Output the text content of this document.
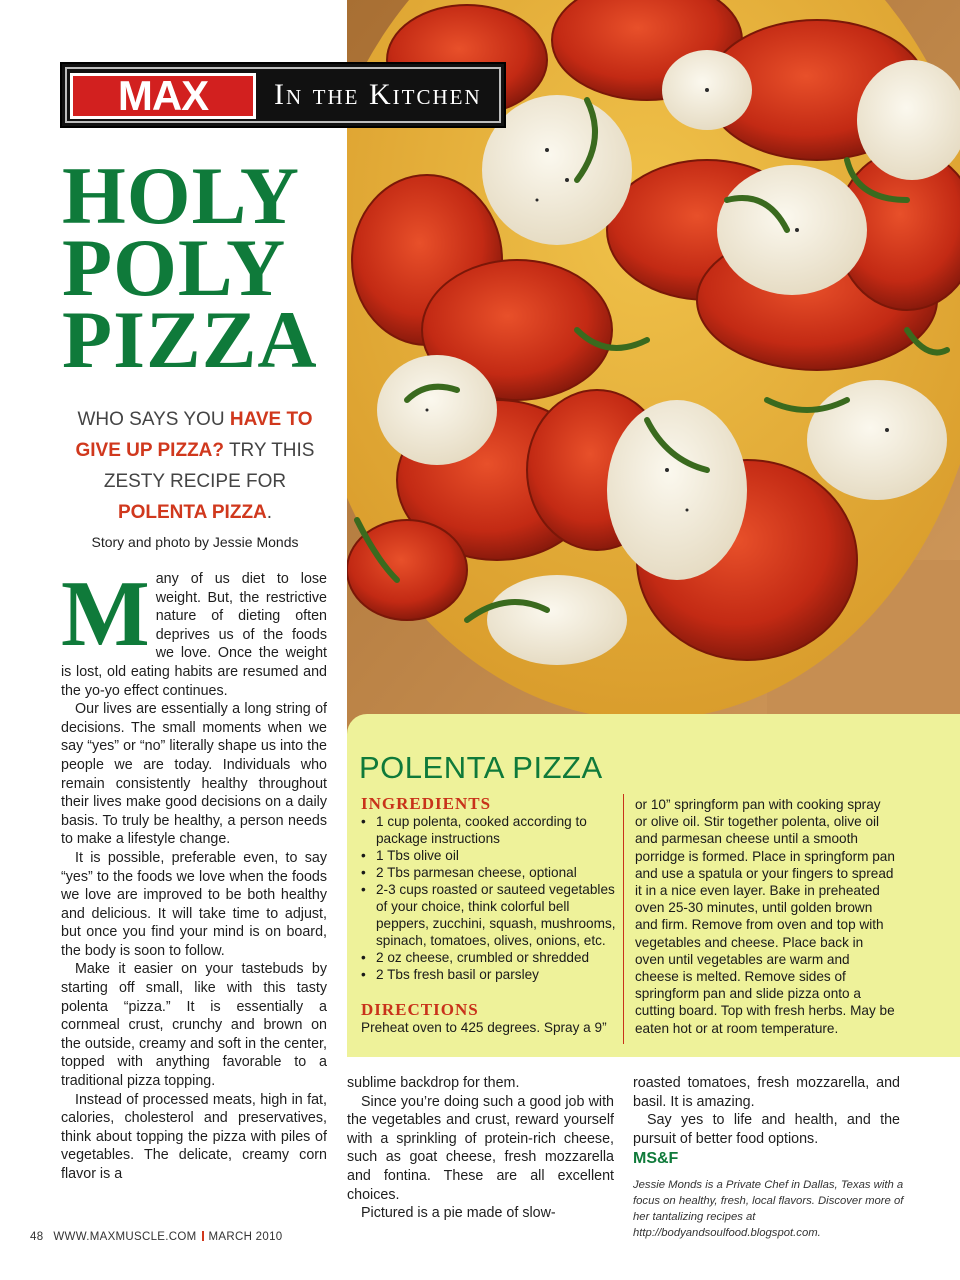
MAX	In the Kitchen
HOLY
POLY
PIZZA
WHO SAYS YOU HAVE TO GIVE UP PIZZA? TRY THIS ZESTY RECIPE FOR
POLENTA PIZZA.
Story and photo by Jessie Monds
M any of us diet to lose weight. But, the restrictive nature of dieting often deprives us of the foods we love. Once the weight is lost, old eating habits are resumed and the yo-yo effect continues.

Our lives are essentially a long string of decisions. The small moments when we say “yes” or “no” literally shape us into the people we are today. Individuals who remain consistently healthy throughout their lives make good decisions on a daily basis. To truly be healthy, a person needs to make a lifestyle change.

It is possible, preferable even, to say “yes” to the foods we love when the foods we love are improved to be both healthy and delicious. It will take time to adjust, but once you find your mind is on board, the body is soon to follow.

Make it easier on your tastebuds by starting off small, like with this tasty polenta “pizza.” It is essentially a cornmeal crust, crunchy and brown on the outside, creamy and soft in the center, topped with anything favorable to a traditional pizza topping.

Instead of processed meats, high in fat, calories, cholesterol and preservatives, think about topping the pizza with piles of vegetables. The delicate, creamy corn flavor is a

POLENTA PIZZA
INGREDIENTS
• 1 cup polenta, cooked according to package instructions
• 1 Tbs olive oil
• 2 Tbs parmesan cheese, optional
• 2-3 cups roasted or sauteed vegetables of your choice, think colorful bell peppers, zucchini, squash, mushrooms, spinach, tomatoes, olives, onions, etc.
• 2 oz cheese, crumbled or shredded
• 2 Tbs fresh basil or parsley
DIRECTIONS
Preheat oven to 425 degrees. Spray a 9”
or 10” springform pan with cooking spray or olive oil. Stir together polenta, olive oil and parmesan cheese until a smooth porridge is formed. Place in springform pan and use a spatula or your fingers to spread it in a nice even layer. Bake in preheated oven 25-30 minutes, until golden brown and firm. Remove from oven and top with vegetables and cheese. Place back in oven until vegetables are warm and cheese is melted. Remove sides of springform pan and slide pizza onto a cutting board. Top with fresh herbs. May be eaten hot or at room temperature.

sublime backdrop for them.

Since you’re doing such a good job with the vegetables and crust, reward yourself with a sprinkling of protein-rich cheese, such as goat cheese, fresh mozzarella and fontina. These are all excellent choices.

Pictured is a pie made of slow-

roasted tomatoes, fresh mozzarella, and basil. It is amazing.

Say yes to life and health, and the pursuit of better food options.

MS&F
Jessie Monds is a Private Chef in Dallas, Texas with a focus on healthy, fresh, local flavors. Discover more of her tantalizing recipes at http://bodyandsoulfood.blogspot.com.
48 WWW.MAXMUSCLE.COM MARCH 2010
